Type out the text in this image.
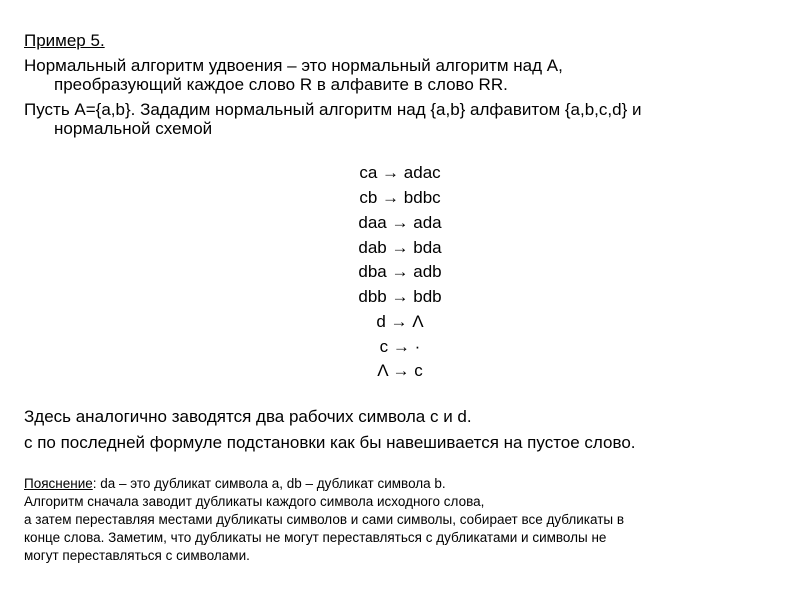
Пример 5.
Нормальный алгоритм удвоения – это нормальный алгоритм над A,
преобразующий каждое слово R в алфавите в слово RR.
Пусть A={a,b}. Зададим нормальный алгоритм над {a,b} алфавитом {a,b,c,d} и
нормальной схемой
ca → adac
cb → bdbc
daa → ada
dab → bda
dba → adb
dbb → bdb
d → Λ
c → ·
Λ → c
Здесь аналогично заводятся два рабочих символа c и d.
c по последней формуле подстановки как бы навешивается на пустое слово.
Пояснение: da – это дубликат символа a, db – дубликат символа b.
Алгоритм сначала заводит дубликаты каждого символа исходного слова,
а затем переставляя местами дубликаты символов и сами символы, собирает все дубликаты в
конце слова. Заметим, что дубликаты не могут переставляться с дубликатами и символы не
могут переставляться с символами.
